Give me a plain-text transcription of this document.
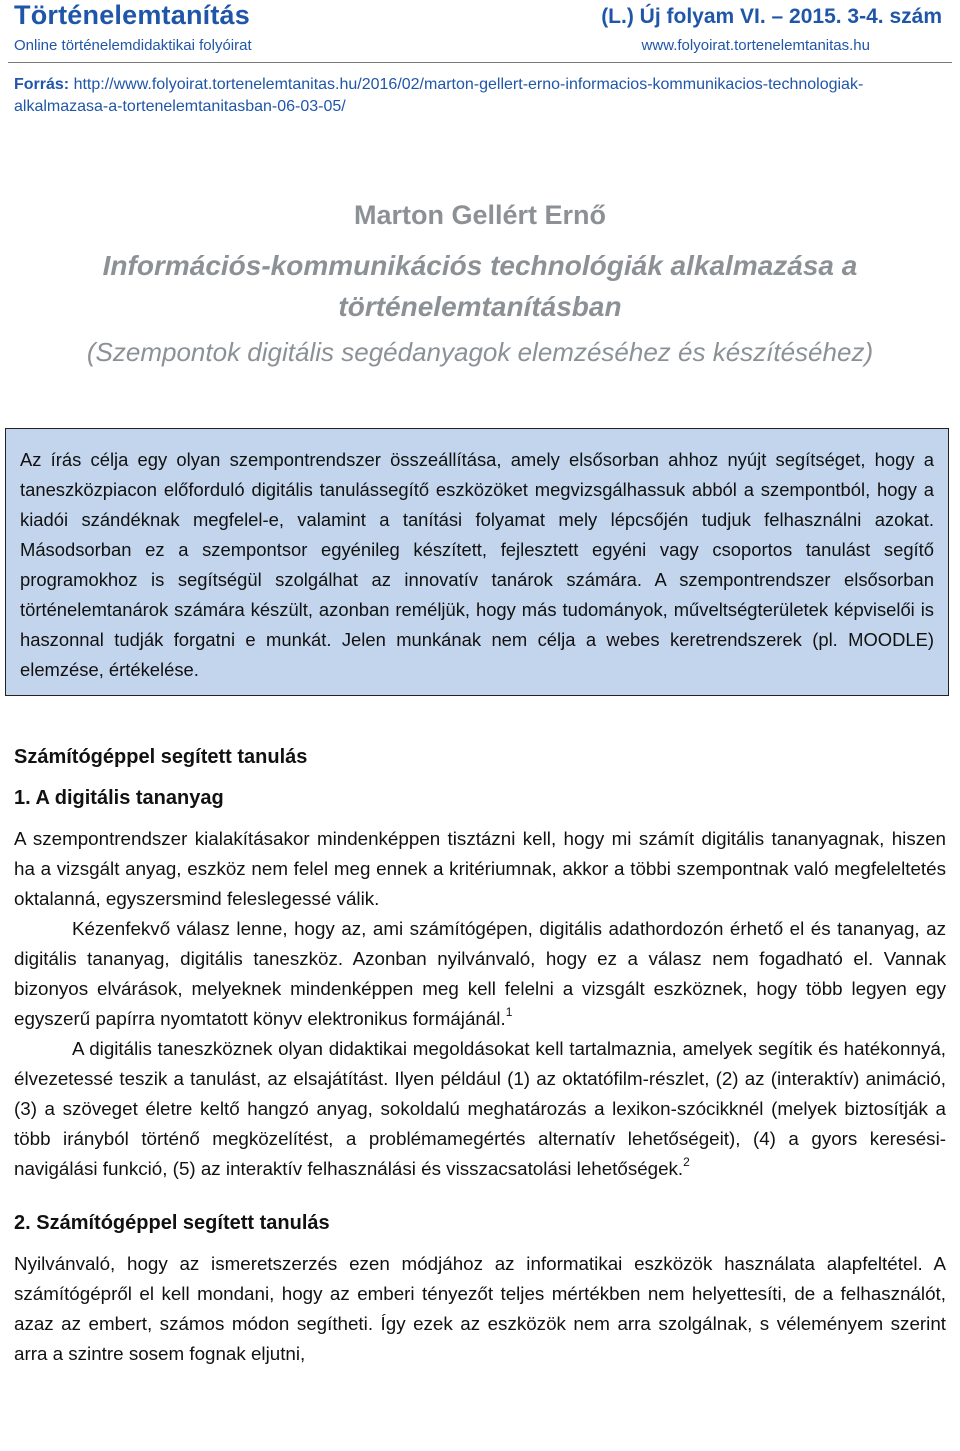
Történelemtanítás
Online történelemdidaktikai folyóirat
(L.) Új folyam VI. – 2015. 3-4. szám
www.folyoirat.tortenelemtanitas.hu
Forrás: http://www.folyoirat.tortenelemtanitas.hu/2016/02/marton-gellert-erno-informacios-kommunikacios-technologiak-alkalmazasa-a-tortenelemtanitasban-06-03-05/
Marton Gellért Ernő
Információs-kommunikációs technológiák alkalmazása a történelemtanításban
(Szempontok digitális segédanyagok elemzéséhez és készítéséhez)
Az írás célja egy olyan szempontrendszer összeállítása, amely elsősorban ahhoz nyújt segítséget, hogy a taneszközpiacon előforduló digitális tanulássegítő eszközöket megvizsgálhassuk abból a szempontból, hogy a kiadói szándéknak megfelel-e, valamint a tanítási folyamat mely lépcsőjén tudjuk felhasználni azokat. Másodsorban ez a szempontsor egyénileg készített, fejlesztett egyéni vagy csoportos tanulást segítő programokhoz is segítségül szolgálhat az innovatív tanárok számára. A szempontrendszer elsősorban történelemtanárok számára készült, azonban reméljük, hogy más tudományok, műveltségterületek képviselői is haszonnal tudják forgatni e munkát. Jelen munkának nem célja a webes keretrendszerek (pl. MOODLE) elemzése, értékelése.
Számítógéppel segített tanulás
1. A digitális tananyag

A szempontrendszer kialakításakor mindenképpen tisztázni kell, hogy mi számít digitális tananyagnak, hiszen ha a vizsgált anyag, eszköz nem felel meg ennek a kritériumnak, akkor a többi szempontnak való megfeleltetés oktalanná, egyszersmind feleslegessé válik.

Kézenfekvő válasz lenne, hogy az, ami számítógépen, digitális adathordozón érhető el és tananyag, az digitális tananyag, digitális taneszköz. Azonban nyilvánvaló, hogy ez a válasz nem fogadható el. Vannak bizonyos elvárások, melyeknek mindenképpen meg kell felelni a vizsgált eszköznek, hogy több legyen egy egyszerű papírra nyomtatott könyv elektronikus formájánál.$^1$

A digitális taneszköznek olyan didaktikai megoldásokat kell tartalmaznia, amelyek segítik és hatékonnyá, élvezetessé teszik a tanulást, az elsajátítást. Ilyen például (1) az oktatófilm-részlet, (2) az (interaktív) animáció, (3) a szöveget életre keltő hangzó anyag, sokoldalú meghatározás a lexikon-szócikknél (melyek biztosítják a több irányból történő megközelítést, a problémamegértés alternatív lehetőségeit), (4) a gyors keresési-navigálási funkció, (5) az interaktív felhasználási és visszacsatolási lehetőségek.$^2$

2. Számítógéppel segített tanulás

Nyilvánvaló, hogy az ismeretszerzés ezen módjához az informatikai eszközök használata alapfeltétel. A számítógépről el kell mondani, hogy az emberi tényezőt teljes mértékben nem helyettesíti, de a felhasználót, azaz az embert, számos módon segítheti. Így ezek az eszközök nem arra szolgálnak, s véleményem szerint arra a szintre sosem fognak eljutni,
